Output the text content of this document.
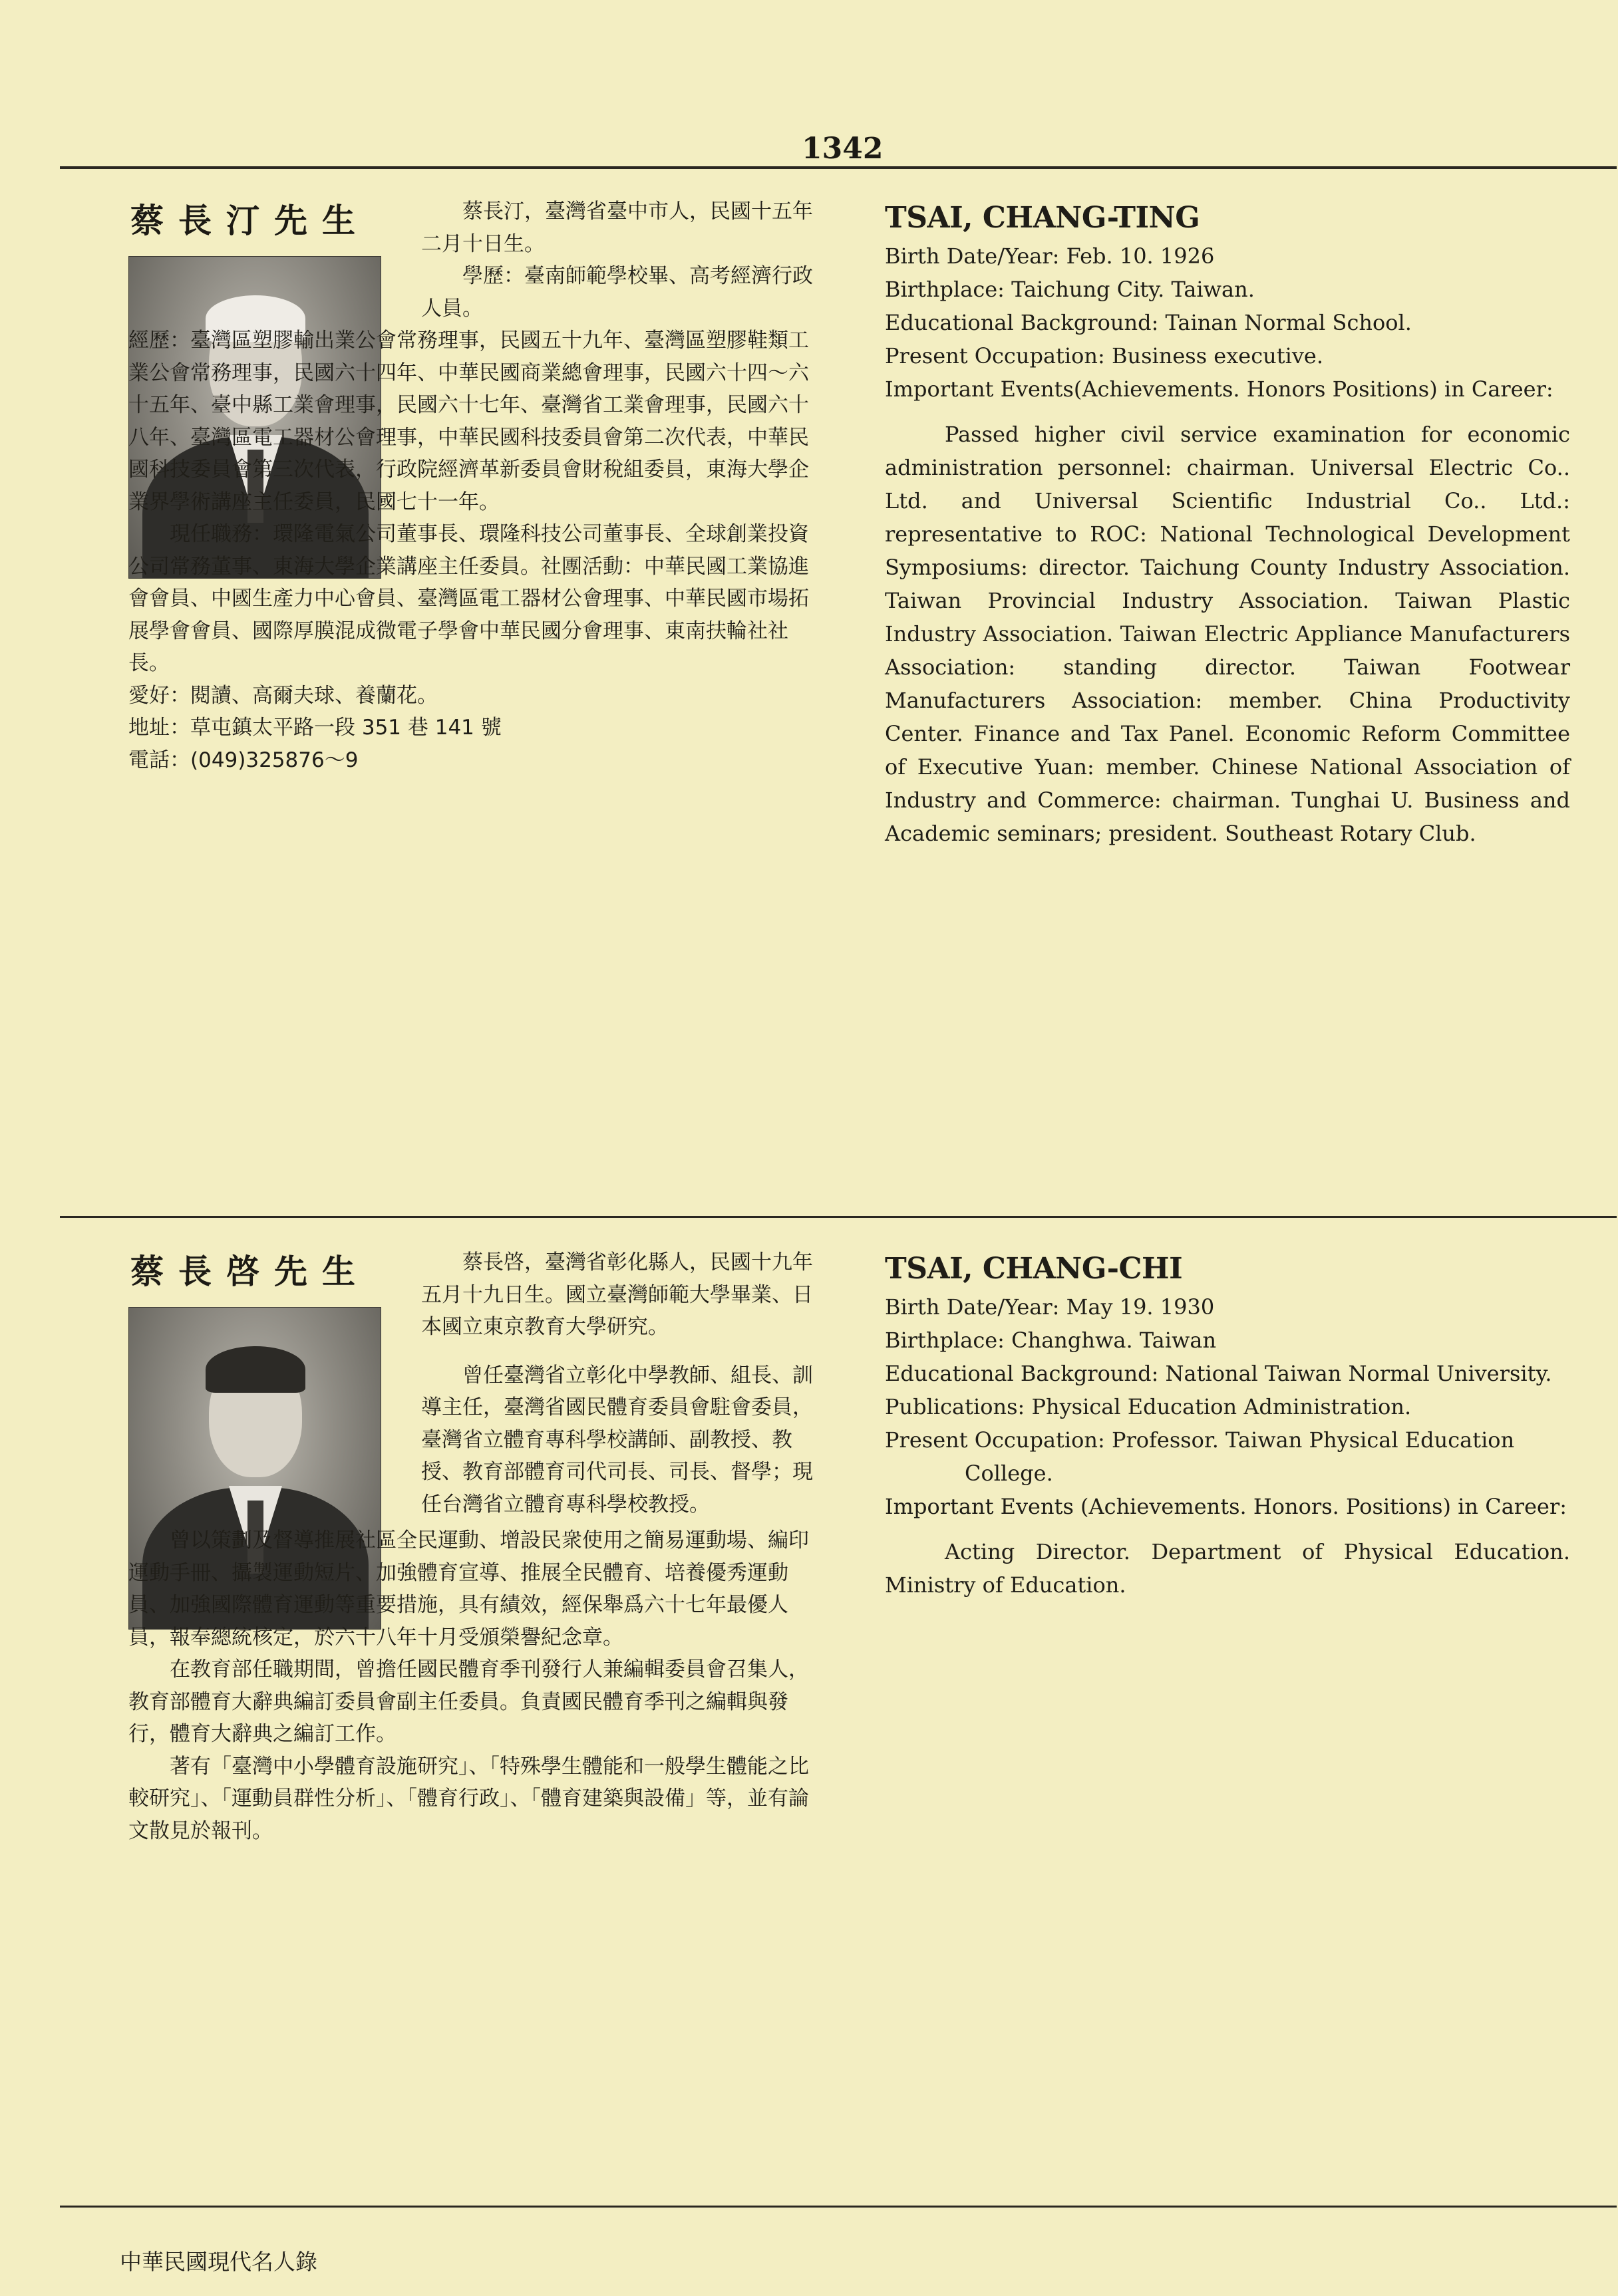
1342
蔡長汀先生	蔡長汀，臺灣省臺中市人，民國十五年二月十日生。

學歷：臺南師範學校畢、高考經濟行政人員。

經歷：臺灣區塑膠輸出業公會常務理事，民國五十九年、臺灣區塑膠鞋類工業公會常務理事，民國六十四年、中華民國商業總會理事，民國六十四～六十五年、臺中縣工業會理事，民國六十七年、臺灣省工業會理事，民國六十八年、臺灣區電工器材公會理事，中華民國科技委員會第二次代表，中華民國科技委員會第三次代表，行政院經濟革新委員會財稅組委員，東海大學企業界學術講座主任委員，民國七十一年。

現任職務：環隆電氣公司董事長、環隆科技公司董事長、全球創業投資公司常務董事、東海大學企業講座主任委員。社團活動：中華民國工業協進會會員、中國生產力中心會員、臺灣區電工器材公會理事、中華民國市場拓展學會會員、國際厚膜混成微電子學會中華民國分會理事、東南扶輪社社長。

愛好：閱讀、高爾夫球、養蘭花。

地址：草屯鎮太平路一段 351 巷 141 號

電話：(049)325876～9

TSAI, CHANG-TING

Birth Date/Year: Feb. 10. 1926

Birthplace: Taichung City. Taiwan.

Educational Background: Tainan Normal School.

Present Occupation: Business executive.

Important Events(Achievements. Honors Positions) in Career:

Passed higher civil service examination for economic administration personnel: chairman. Universal Electric Co.. Ltd. and Universal Scientific Industrial Co.. Ltd.: representative to ROC: National Technological Development Symposiums: director. Taichung County Industry Association. Taiwan Provincial Industry Association. Taiwan Plastic Industry Association. Taiwan Electric Appliance Manufacturers Association: standing director. Taiwan Footwear Manufacturers Association: member. China Productivity Center. Finance and Tax Panel. Economic Reform Committee of Executive Yuan: member. Chinese National Association of Industry and Commerce: chairman. Tunghai U. Business and Academic seminars; president. Southeast Rotary Club.

蔡長啓先生	蔡長啓，臺灣省彰化縣人，民國十九年五月十九日生。國立臺灣師範大學畢業、日本國立東京教育大學研究。

曾任臺灣省立彰化中學教師、組長、訓導主任，臺灣省國民體育委員會駐會委員，臺灣省立體育專科學校講師、副教授、教授、教育部體育司代司長、司長、督學；現任台灣省立體育專科學校教授。

曾以策劃及督導推展社區全民運動、增設民衆使用之簡易運動場、編印運動手冊、攝製運動短片、加強體育宣導、推展全民體育、培養優秀運動員、加強國際體育運動等重要措施，具有績效，經保舉爲六十七年最優人員，報奉總統核定，於六十八年十月受頒榮譽紀念章。

在教育部任職期間，曾擔任國民體育季刊發行人兼編輯委員會召集人，教育部體育大辭典編訂委員會副主任委員。負責國民體育季刊之編輯與發行，體育大辭典之編訂工作。

著有「臺灣中小學體育設施研究」、「特殊學生體能和一般學生體能之比較研究」、「運動員群性分析」、「體育行政」、「體育建築與設備」等，並有論文散見於報刊。

TSAI, CHANG-CHI

Birth Date/Year: May 19. 1930

Birthplace: Changhwa. Taiwan

Educational Background: National Taiwan Normal University.

Publications: Physical Education Administration.

Present Occupation: Professor. Taiwan Physical Education College.

Important Events (Achievements. Honors. Positions) in Career:

Acting Director. Department of Physical Education. Ministry of Education.

中華民國現代名人錄
